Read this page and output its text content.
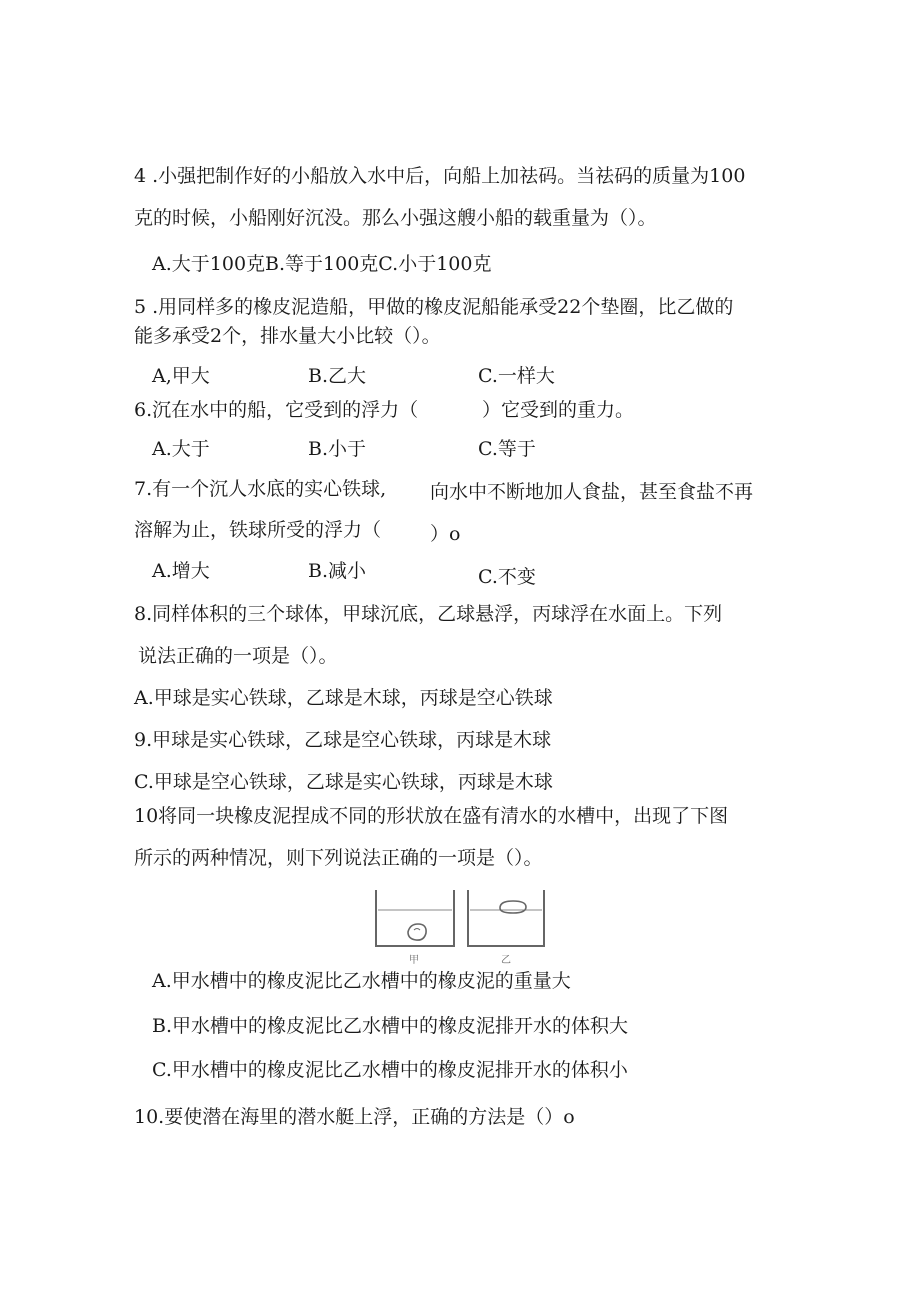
4 .小强把制作好的小船放入水中后，向船上加祛码。当祛码的质量为100
克的时候，小船刚好沉没。那么小强这艘小船的载重量为（）。
A.大于100克B.等于100克C.小于100克
5 .用同样多的橡皮泥造船，甲做的橡皮泥船能承受22个垫圈，比乙做的
能多承受2个，排水量大小比较（）。
A,甲大	B.乙大	C.一样大
6.沉在水中的船，它受到的浮力（	）它受到的重力。
A.大于	B.小于	C.等于
7.有一个沉人水底的实心铁球, 向水中不断地加人食盐，甚至食盐不再
溶解为止，铁球所受的浮力（	）o
A.增大	B.减小	C.不变
8.同样体积的三个球体，甲球沉底，乙球悬浮，丙球浮在水面上。下列
说法正确的一项是（）。
A.甲球是实心铁球，乙球是木球，丙球是空心铁球
9.甲球是实心铁球，乙球是空心铁球，丙球是木球
C.甲球是空心铁球，乙球是实心铁球，丙球是木球
10将同一块橡皮泥捏成不同的形状放在盛有清水的水槽中，出现了下图
所示的两种情况，则下列说法正确的一项是（）。
甲	乙
A.甲水槽中的橡皮泥比乙水槽中的橡皮泥的重量大
B.甲水槽中的橡皮泥比乙水槽中的橡皮泥排开水的体积大
C.甲水槽中的橡皮泥比乙水槽中的橡皮泥排开水的体积小
10.要使潜在海里的潜水艇上浮，正确的方法是（）o
